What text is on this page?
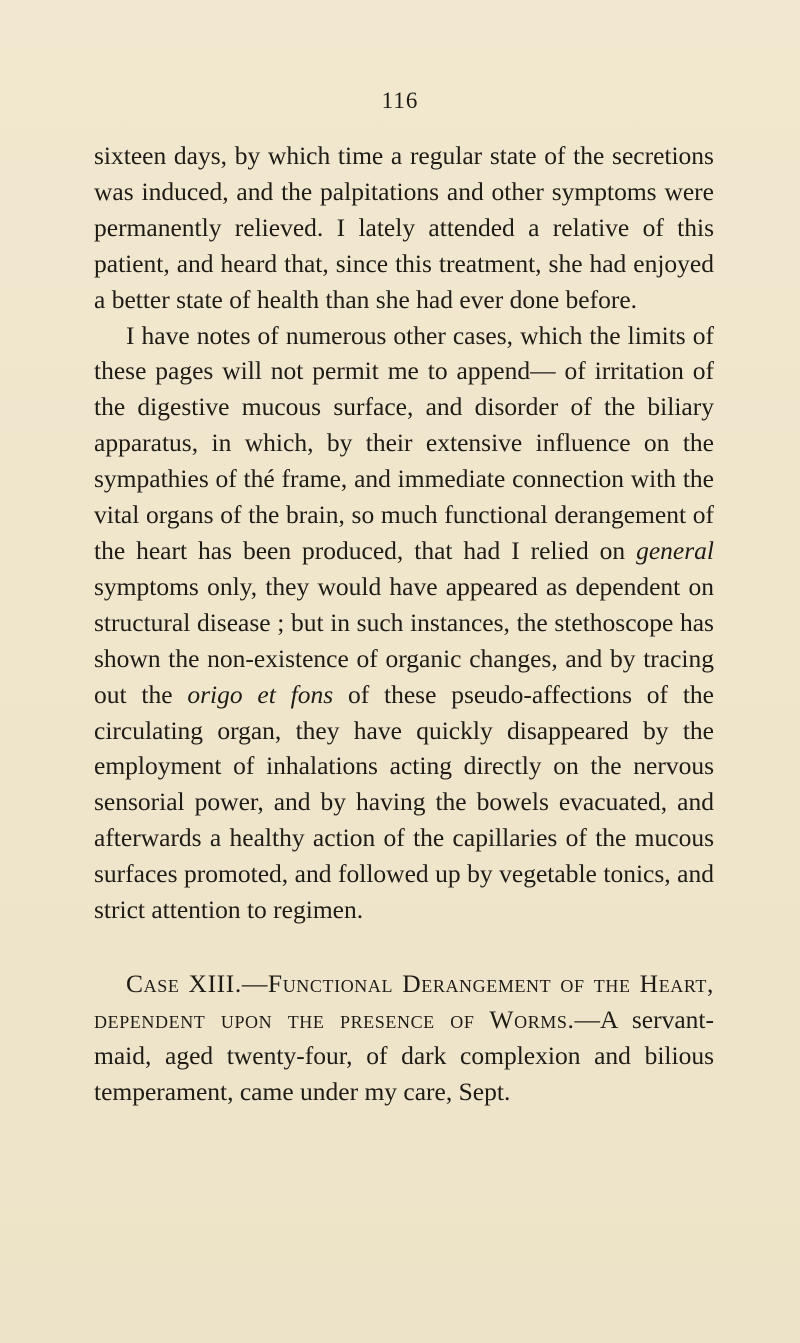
116

sixteen days, by which time a regular state of the secretions was induced, and the palpitations and other symptoms were permanently relieved. I lately attended a relative of this patient, and heard that, since this treatment, she had enjoyed a better state of health than she had ever done before.

I have notes of numerous other cases, which the limits of these pages will not permit me to append— of irritation of the digestive mucous surface, and disorder of the biliary apparatus, in which, by their extensive influence on the sympathies of thé frame, and immediate connection with the vital organs of the brain, so much functional derangement of the heart has been produced, that had I relied on general symptoms only, they would have appeared as dependent on structural disease ; but in such instances, the stethoscope has shown the non-existence of organic changes, and by tracing out the origo et fons of these pseudo-affections of the circulating organ, they have quickly disappeared by the employment of inhalations acting directly on the nervous sensorial power, and by having the bowels evacuated, and afterwards a healthy action of the capillaries of the mucous surfaces promoted, and followed up by vegetable tonics, and strict attention to regimen.

Case XIII.—Functional Derangement of the Heart, dependent upon the presence of Worms.—A servant-maid, aged twenty-four, of dark complexion and bilious temperament, came under my care, Sept.
